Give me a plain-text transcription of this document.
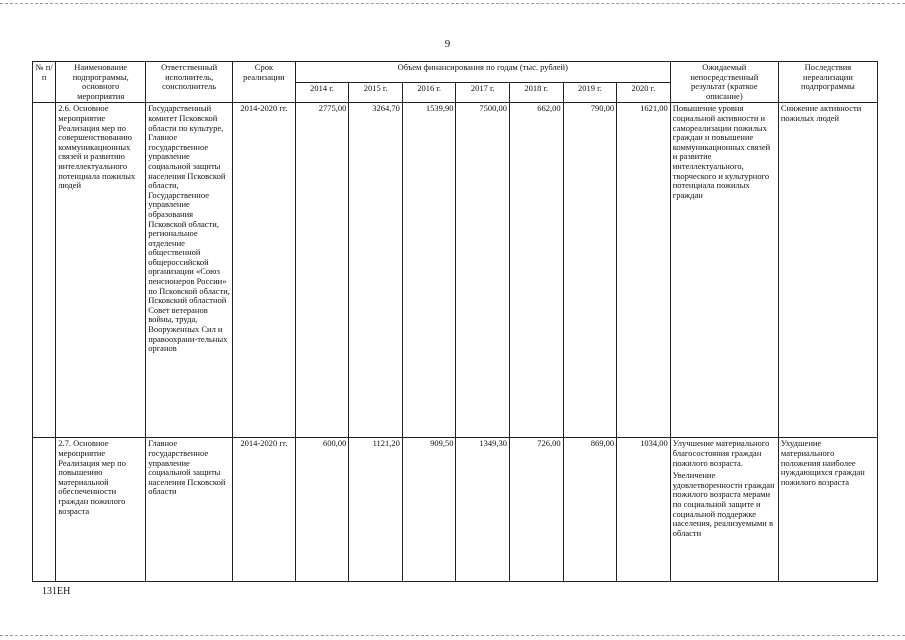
9
№ п/п	Наименование подпрограммы, основного мероприятия	Ответственный исполнитель, соисполнитель	Срок реализации	Объем финансирования по годам (тыс. рублей)							Ожидаемый непосредственный результат (краткое описание)	Последствия нереализации подпрограммы
				2014 г.	2015 г.	2016 г.	2017 г.	2018 г.	2019 г.	2020 г.		
	2.6. Основное мероприятие Реализация мер по совершенствованию коммуникационных связей и развитию интеллектуального потенциала пожилых людей	Государственный комитет Псковской области по культуре, Главное государственное управление социальной защиты населения Псковской области, Государственное управление образования Псковской области, региональное отделение общественной общероссийской организации «Союз пенсионеров России» по Псковской области, Псковский областной Совет ветеранов войны, труда, Вооруженных Сил и правоохрани-тельных органов	2014-2020 гг.	2775,00	3264,70	1539,90	7500,00	662,00	790,00	1621,00	Повышение уровня социальной активности и самореализации пожилых граждан и повышение коммуникационных связей и развитие интеллектуального, творческого и культурного потенциала пожилых граждан	Снижение активности пожилых людей
	2.7. Основное мероприятие Реализация мер по повышению материальной обеспеченности граждан пожилого возраста	Главное государственное управление социальной защиты населения Псковской области	2014-2020 гг.	600,00	1121,20	909,50	1349,30	726,00	869,00	1034,00	Улучшение материального благосостояния граждан пожилого возраста.
Увеличение удовлетворенности граждан пожилого возраста мерами по социальной защите и социальной поддержке населения, реализуемыми в области	Ухудшение материального положения наиболее нуждающихся граждан пожилого возраста
131EH
